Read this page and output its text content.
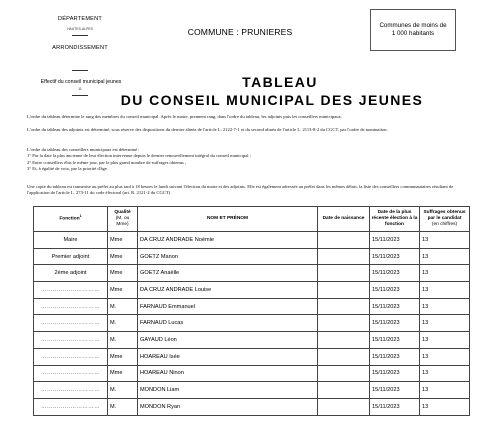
DÉPARTEMENT
HAUTES-ALPES
ARRONDISSEMENT
Effectif du conseil municipal jeunes
11
COMMUNE : PRUNIERES
Communes de moins de 1 000 habitants
TABLEAU
DU CONSEIL MUNICIPAL DES JEUNES
L'ordre du tableau détermine le rang des membres du conseil municipal. Après le maire, prennent rang, dans l'ordre du tableau, les adjoints puis les conseillers municipaux.
L'ordre du tableau des adjoints est déterminé, sous réserve des dispositions du dernier alinéa de l'article L. 2122-7-1 et du second alinéa de l'article L. 2113-8-2 du CGCT, par l'ordre de nomination.
L'ordre du tableau des conseillers municipaux est déterminé :
1° Par la date la plus ancienne de leur élection intervenue depuis le dernier renouvellement intégral du conseil municipal ;
2° Entre conseillers élus le même jour, par le plus grand nombre de suffrages obtenus ;
3° Et, à égalité de voix, par la priorité d'âge.
Une copie du tableau est transmise au préfet au plus tard à 18 heures le lundi suivant l'élection du maire et des adjoints. Elle est également adressée au préfet dans les mêmes délais, la liste des conseillers communautaires résultant de l'application de l'article L. 273-11 du code électoral (art. R. 2121-2 du CGCT).
Fonction$^1$	Qualité
(M. ou Mme)	NOM ET PRÉNOM	Date de naissance	Date de la plus récente élection à la fonction	Suffrages obtenus par le candidat
(en chiffres)

Maire	Mme	DA CRUZ ANDRADE Noémie		15/11/2023	13
Premier adjoint	Mme	GOETZ Manon		15/11/2023	13
2ème adjoint	Mme	GOETZ Anaëlle		15/11/2023	13
…………………………	Mme	DA CRUZ ANDRADE Louise		15/11/2023	13
…………………………	M.	FARNAUD Emmanuel		15/11/2023	13
…………………………	M.	FARNAUD Lucas		15/11/2023	13
…………………………	M.	GAYAUD Léon		15/11/2023	13
…………………………	Mme	HOAREAU Isée		15/11/2023	13
…………………………	Mme	HOAREAU Ninon		15/11/2023	13
…………………………	M.	MONDON Liam		15/11/2023	13
…………………………	M.	MONDON Ryan		15/11/2023	13
